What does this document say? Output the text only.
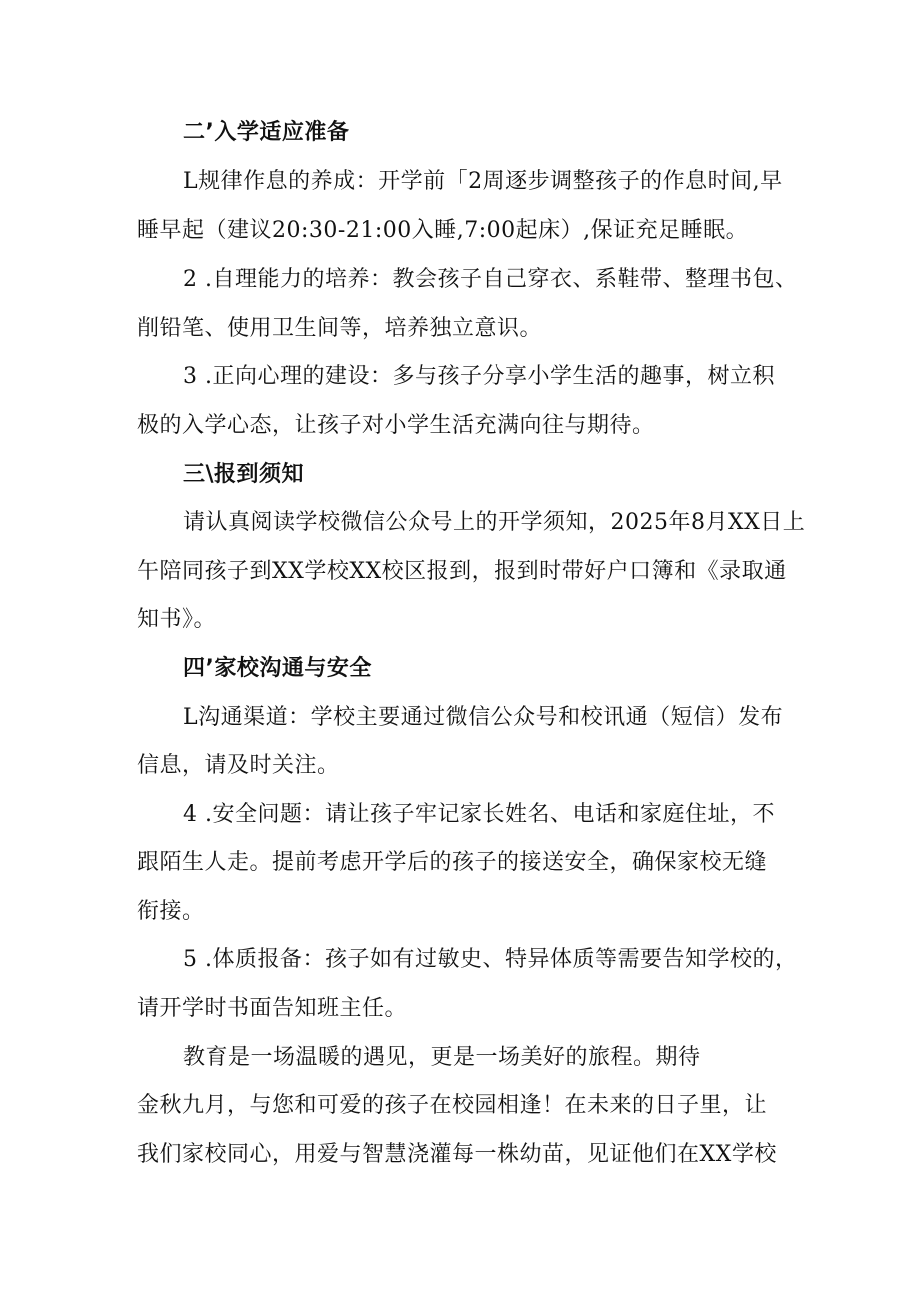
二’入学适应准备
L规律作息的养成：开学前「2周逐步调整孩子的作息时间,早
睡早起（建议20:30-21:00入睡,7:00起床）,保证充足睡眠。
2 .自理能力的培养：教会孩子自己穿衣、系鞋带、整理书包、
削铅笔、使用卫生间等，培养独立意识。
3 .正向心理的建设：多与孩子分享小学生活的趣事，树立积
极的入学心态，让孩子对小学生活充满向往与期待。
三\报到须知
请认真阅读学校微信公众号上的开学须知，2025年8月XX日上
午陪同孩子到XX学校XX校区报到，报到时带好户口簿和《录取通
知书》。
四’家校沟通与安全
L沟通渠道：学校主要通过微信公众号和校讯通（短信）发布
信息，请及时关注。
4 .安全问题：请让孩子牢记家长姓名、电话和家庭住址，不
跟陌生人走。提前考虑开学后的孩子的接送安全，确保家校无缝
衔接。
5 .体质报备：孩子如有过敏史、特异体质等需要告知学校的，
请开学时书面告知班主任。
教育是一场温暖的遇见，更是一场美好的旅程。期待
金秋九月，与您和可爱的孩子在校园相逢！在未来的日子里，让
我们家校同心，用爱与智慧浇灌每一株幼苗，见证他们在XX学校
